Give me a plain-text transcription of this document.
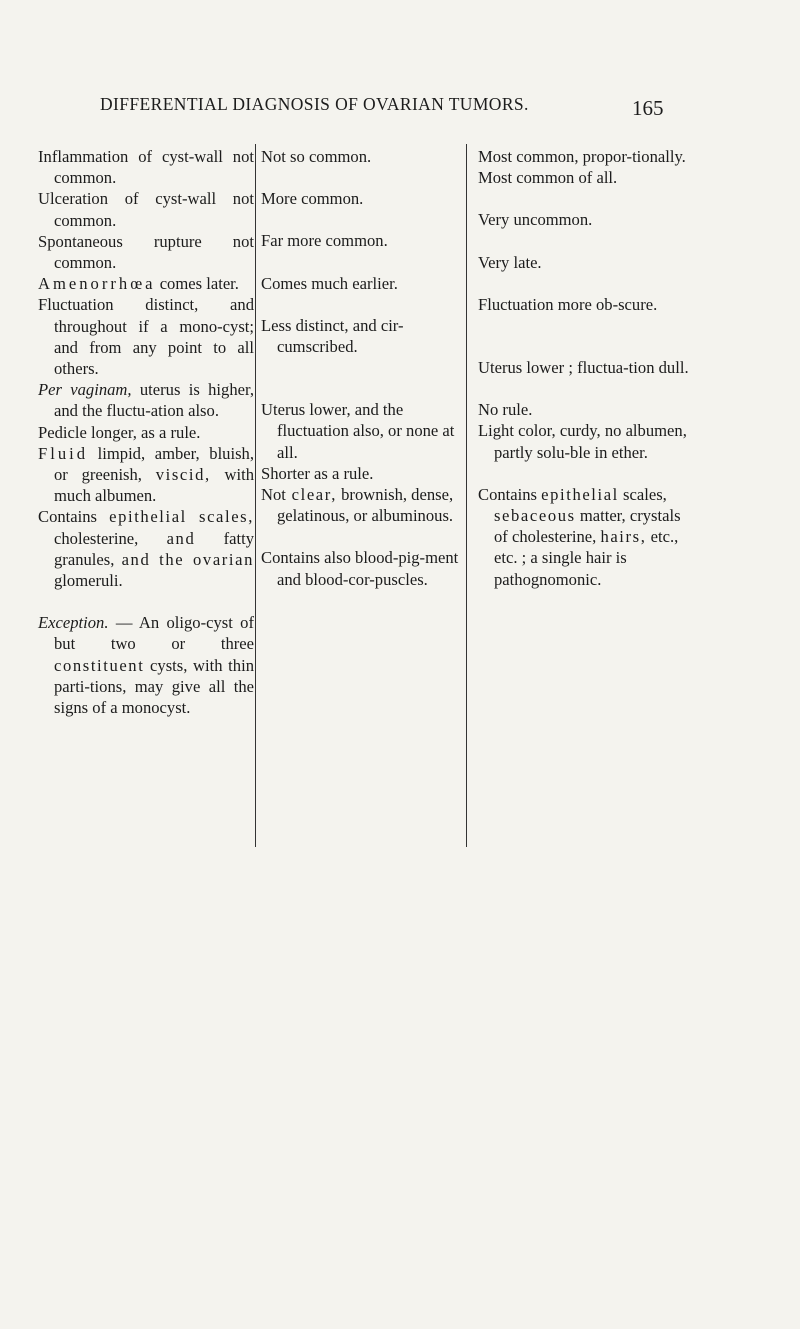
DIFFERENTIAL DIAGNOSIS OF OVARIAN TUMORS.	165

Inflammation of cyst-wall not common.

Ulceration of cyst-wall not common.

Spontaneous rupture not common.

Amenorrhœa comes later.

Fluctuation distinct, and throughout if a mono-cyst; and from any point to all others.

Per vaginam, uterus is higher, and the fluctu-ation also.

Pedicle longer, as a rule.

Fluid limpid, amber, bluish, or greenish, viscid, with much albumen.

Contains epithelial scales, cholesterine, and fatty granules, and the ovarian glomeruli.

Exception. — An oligo-cyst of but two or three constituent cysts, with thin parti-tions, may give all the signs of a monocyst.

Not so common.

More common.

Far more common.

Comes much earlier.

Less distinct, and cir-cumscribed.

Uterus lower, and the fluctuation also, or none at all.

Shorter as a rule.

Not clear, brownish, dense, gelatinous, or albuminous.

Contains also blood-pig-ment and blood-cor-puscles.

Most common, propor-tionally.

Most common of all.

Very uncommon.

Very late.

Fluctuation more ob-scure.

Uterus lower ; fluctua-tion dull.

No rule.

Light color, curdy, no albumen, partly solu-ble in ether.

Contains epithelial scales, sebaceous matter, crystals of cholesterine, hairs, etc., etc. ; a single hair is pathognomonic.
